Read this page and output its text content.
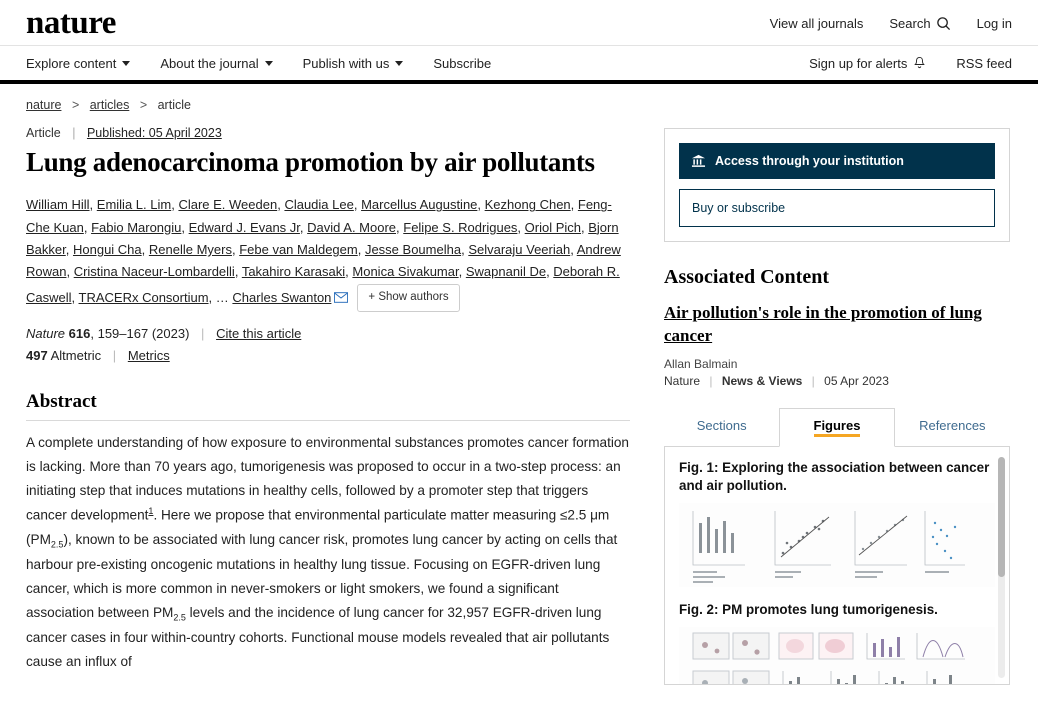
nature	View all journals Search	Log in
Explore content	About the journal	Publish with us	Subscribe	Sign up for alerts	RSS feed
nature > articles > article
Article | Published: 05 April 2023
Lung adenocarcinoma promotion by air pollutants
William Hill, Emilia L. Lim, Clare E. Weeden, Claudia Lee, Marcellus Augustine, Kezhong Chen, Feng-Che Kuan, Fabio Marongiu, Edward J. Evans Jr, David A. Moore, Felipe S. Rodrigues, Oriol Pich, Bjorn Bakker, Hongui Cha, Renelle Myers, Febe van Maldegem, Jesse Boumelha, Selvaraju Veeriah, Andrew Rowan, Cristina Naceur-Lombardelli, Takahiro Karasaki, Monica Sivakumar, Swapnanil De, Deborah R. Caswell, TRACERx Consortium, … Charles Swanton	+ Show authors
Nature 616, 159–167 (2023) | Cite this article
497 Altmetric | Metrics
Abstract

A complete understanding of how exposure to environmental substances promotes cancer formation is lacking. More than 70 years ago, tumorigenesis was proposed to occur in a two-step process: an initiating step that induces mutations in healthy cells, followed by a promoter step that triggers cancer development$^1$. Here we propose that environmental particulate matter measuring ≤2.5 μm $(PM_{2.5})$, known to be associated with lung cancer risk, promotes lung cancer by acting on cells that harbour pre-existing oncogenic mutations in healthy lung tissue. Focusing on EGFR-driven lung cancer, which is more common in never-smokers or light smokers, we found a significant association between $PM_{2.5}$ levels and the incidence of lung cancer for 32,957 EGFR-driven lung cancer cases in four within-country cohorts. Functional mouse models revealed that air pollutants cause an influx of

Access through your institution
Buy or subscribe
Associated Content
Air pollution's role in the promotion of lung cancer
Allan Balmain
Nature | News & Views | 05 Apr 2023
Sections	Figures	References
Fig. 1: Exploring the association between cancer and air pollution.
Fig. 2: PM promotes lung tumorigenesis.
